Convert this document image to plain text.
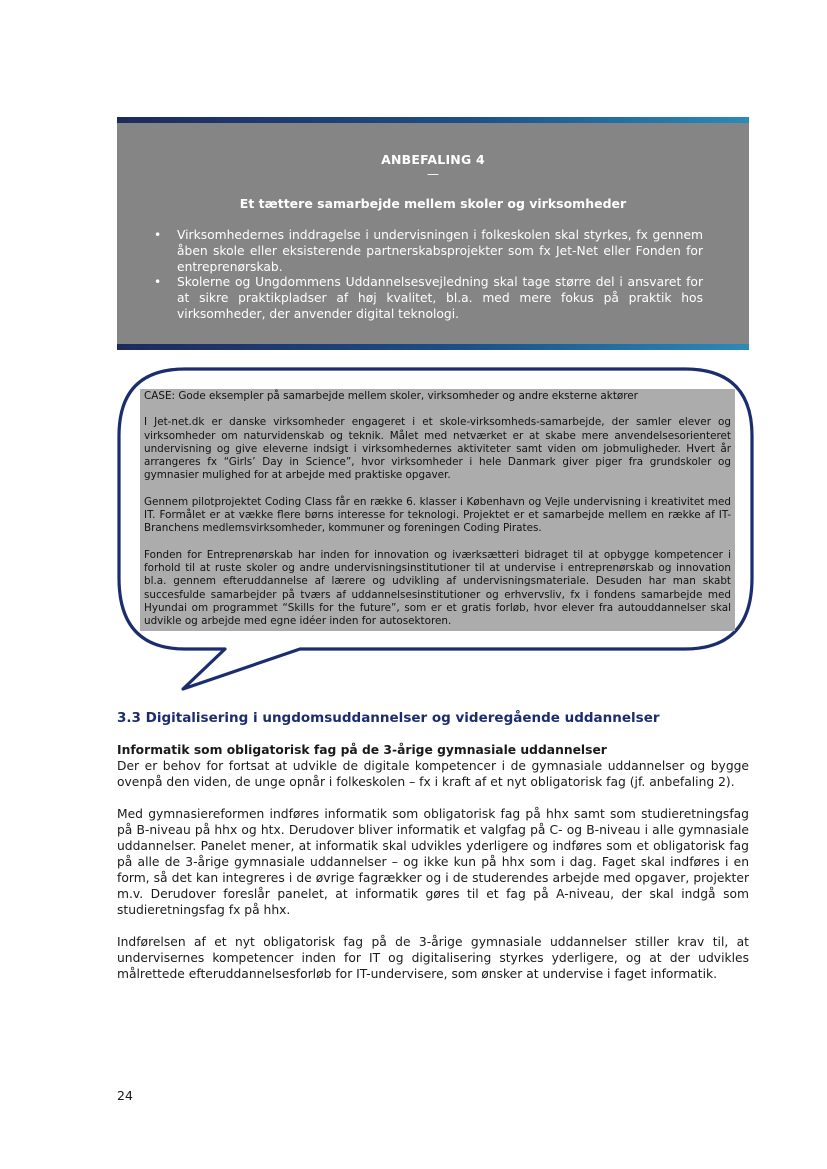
ANBEFALING 4
—
Et tættere samarbejde mellem skoler og virksomheder
• Virksomhedernes inddragelse i undervisningen i folkeskolen skal styrkes, fx gennem åben skole eller eksisterende partnerskabsprojekter som fx Jet-Net eller Fonden for entreprenørskab.
• Skolerne og Ungdommens Uddannelsesvejledning skal tage større del i ansvaret for at sikre praktikpladser af høj kvalitet, bl.a. med mere fokus på praktik hos virksomheder, der anvender digital teknologi.
CASE: Gode eksempler på samarbejde mellem skoler, virksomheder og andre eksterne aktører

I Jet-net.dk er danske virksomheder engageret i et skole-virksomheds-samarbejde, der samler elever og virksomheder om naturvidenskab og teknik. Målet med netværket er at skabe mere anvendelsesorienteret undervisning og give eleverne indsigt i virksomhedernes aktiviteter samt viden om jobmuligheder. Hvert år arrangeres fx “Girls’ Day in Science”, hvor virksomheder i hele Danmark giver piger fra grundskoler og gymnasier mulighed for at arbejde med praktiske opgaver.

Gennem pilotprojektet Coding Class får en række 6. klasser i København og Vejle undervisning i kreativitet med IT. Formålet er at vække flere børns interesse for teknologi. Projektet er et samarbejde mellem en række af IT-Branchens medlemsvirksomheder, kommuner og foreningen Coding Pirates.

Fonden for Entreprenørskab har inden for innovation og iværksætteri bidraget til at opbygge kompetencer i forhold til at ruste skoler og andre undervisningsinstitutioner til at undervise i entreprenørskab og innovation bl.a. gennem efteruddannelse af lærere og udvikling af undervisningsmateriale. Desuden har man skabt succesfulde samarbejder på tværs af uddannelsesinstitutioner og erhvervsliv, fx i fondens samarbejde med Hyundai om programmet “Skills for the future”, som er et gratis forløb, hvor elever fra autouddannelser skal udvikle og arbejde med egne idéer inden for autosektoren.

3.3 Digitalisering i ungdomsuddannelser og videregående uddannelser
Informatik som obligatorisk fag på de 3-årige gymnasiale uddannelser

Der er behov for fortsat at udvikle de digitale kompetencer i de gymnasiale uddannelser og bygge ovenpå den viden, de unge opnår i folkeskolen – fx i kraft af et nyt obligatorisk fag (jf. anbefaling 2).

Med gymnasiereformen indføres informatik som obligatorisk fag på hhx samt som studieretningsfag på B-niveau på hhx og htx. Derudover bliver informatik et valgfag på C- og B-niveau i alle gymnasiale uddannelser. Panelet mener, at informatik skal udvikles yderligere og indføres som et obligatorisk fag på alle de 3-årige gymnasiale uddannelser – og ikke kun på hhx som i dag. Faget skal indføres i en form, så det kan integreres i de øvrige fagrækker og i de studerendes arbejde med opgaver, projekter m.v. Derudover foreslår panelet, at informatik gøres til et fag på A-niveau, der skal indgå som studieretningsfag fx på hhx.

Indførelsen af et nyt obligatorisk fag på de 3-årige gymnasiale uddannelser stiller krav til, at undervisernes kompetencer inden for IT og digitalisering styrkes yderligere, og at der udvikles målrettede efteruddannelsesforløb for IT-undervisere, som ønsker at undervise i faget informatik.

24
